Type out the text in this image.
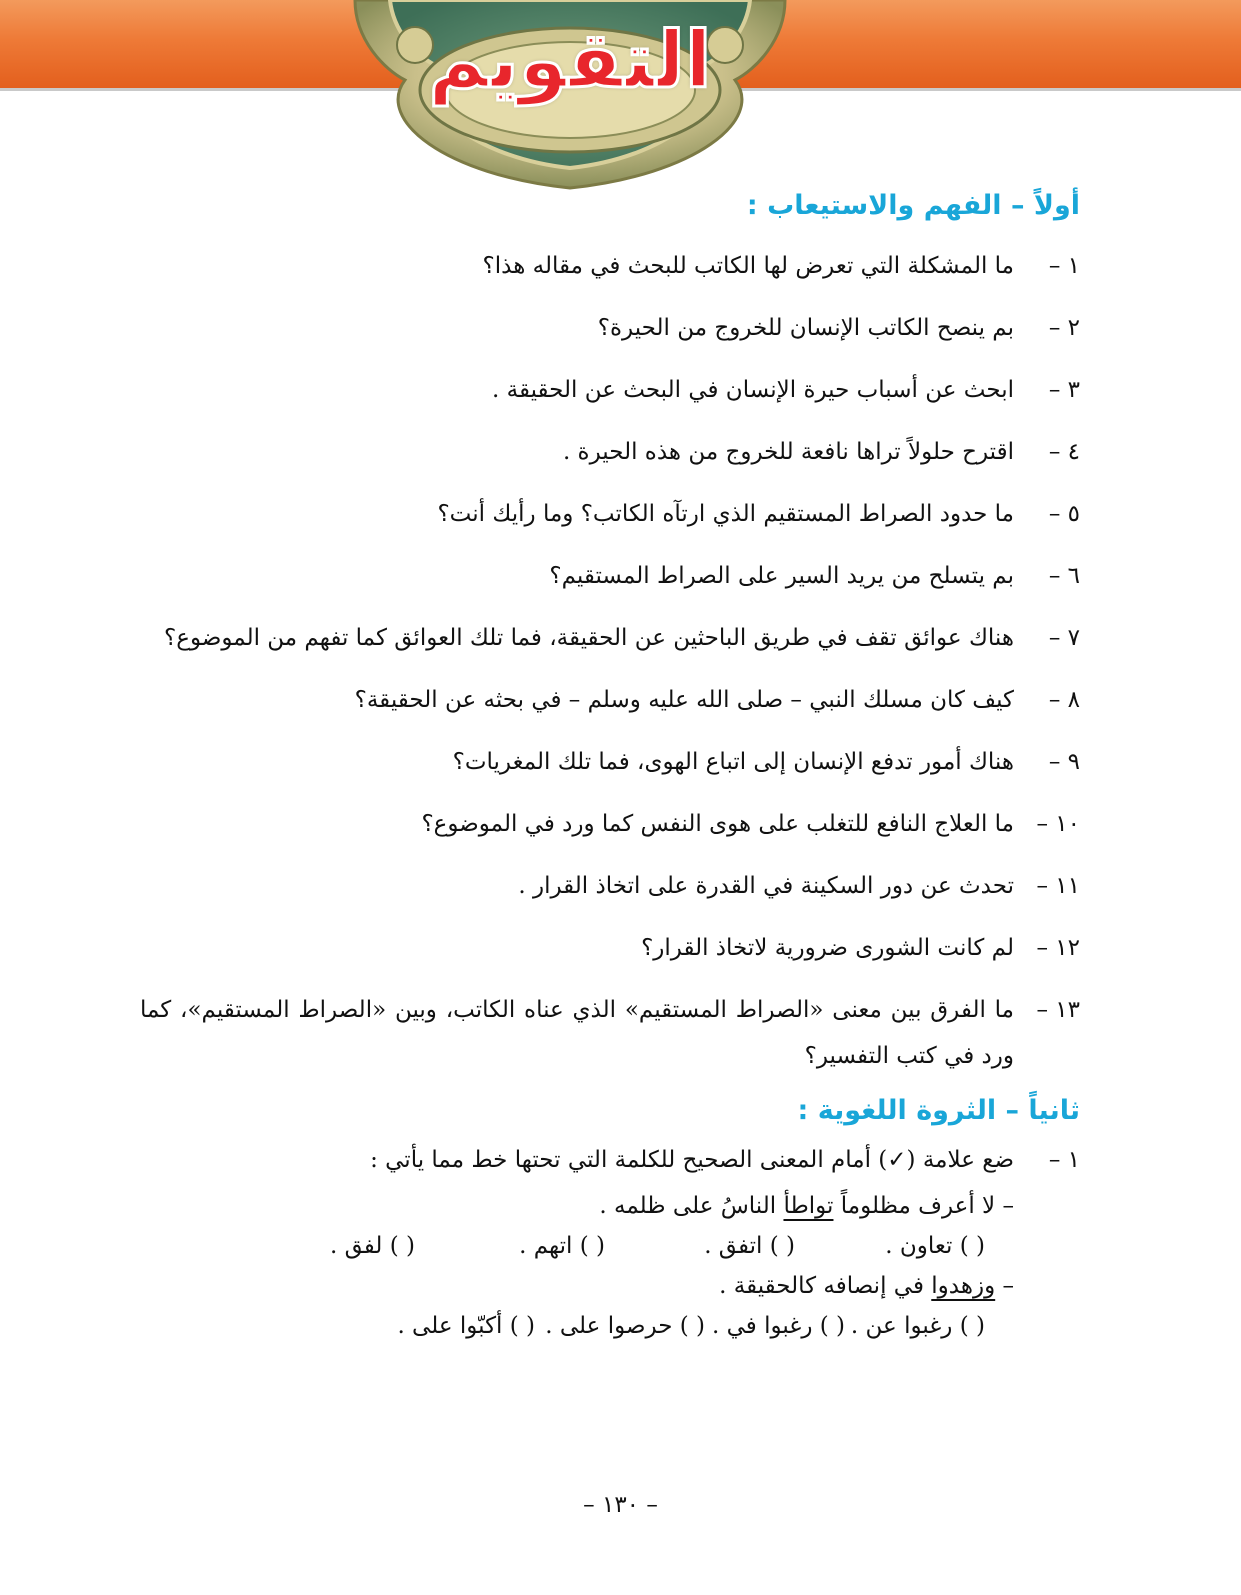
التقويم
أولاً – الفهم والاستيعاب :
١ –
ما المشكلة التي تعرض لها الكاتب للبحث في مقاله هذا؟
٢ –
بم ينصح الكاتب الإنسان للخروج من الحيرة؟
٣ –
ابحث عن أسباب حيرة الإنسان في البحث عن الحقيقة .
٤ –
اقترح حلولاً تراها نافعة للخروج من هذه الحيرة .
٥ –
ما حدود الصراط المستقيم الذي ارتآه الكاتب؟ وما رأيك أنت؟
٦ –
بم يتسلح من يريد السير على الصراط المستقيم؟
٧ –
هناك عوائق تقف في طريق الباحثين عن الحقيقة، فما تلك العوائق كما تفهم من الموضوع؟
٨ –
كيف كان مسلك النبي – صلى الله عليه وسلم – في بحثه عن الحقيقة؟
٩ –
هناك أمور تدفع الإنسان إلى اتباع الهوى، فما تلك المغريات؟
١٠ –
ما العلاج النافع للتغلب على هوى النفس كما ورد في الموضوع؟
١١ –
تحدث عن دور السكينة في القدرة على اتخاذ القرار .
١٢ –
لم كانت الشورى ضرورية لاتخاذ القرار؟
١٣ –
ما الفرق بين معنى «الصراط المستقيم» الذي عناه الكاتب، وبين «الصراط المستقيم»، كما ورد في كتب التفسير؟
ثانياً – الثروة اللغوية :
١ –
ضع علامة (✓) أمام المعنى الصحيح للكلمة التي تحتها خط مما يأتي :
– لا أعرف مظلوماً تواطأ الناسُ على ظلمه .
( ) تعاون .
( ) اتفق .
( ) اتهم .
( ) لفق .
– وزهدوا في إنصافه كالحقيقة .
( ) رغبوا عن .
( ) رغبوا في .
( ) حرصوا على .
( ) أكبّوا على .
– ١٣٠ –
